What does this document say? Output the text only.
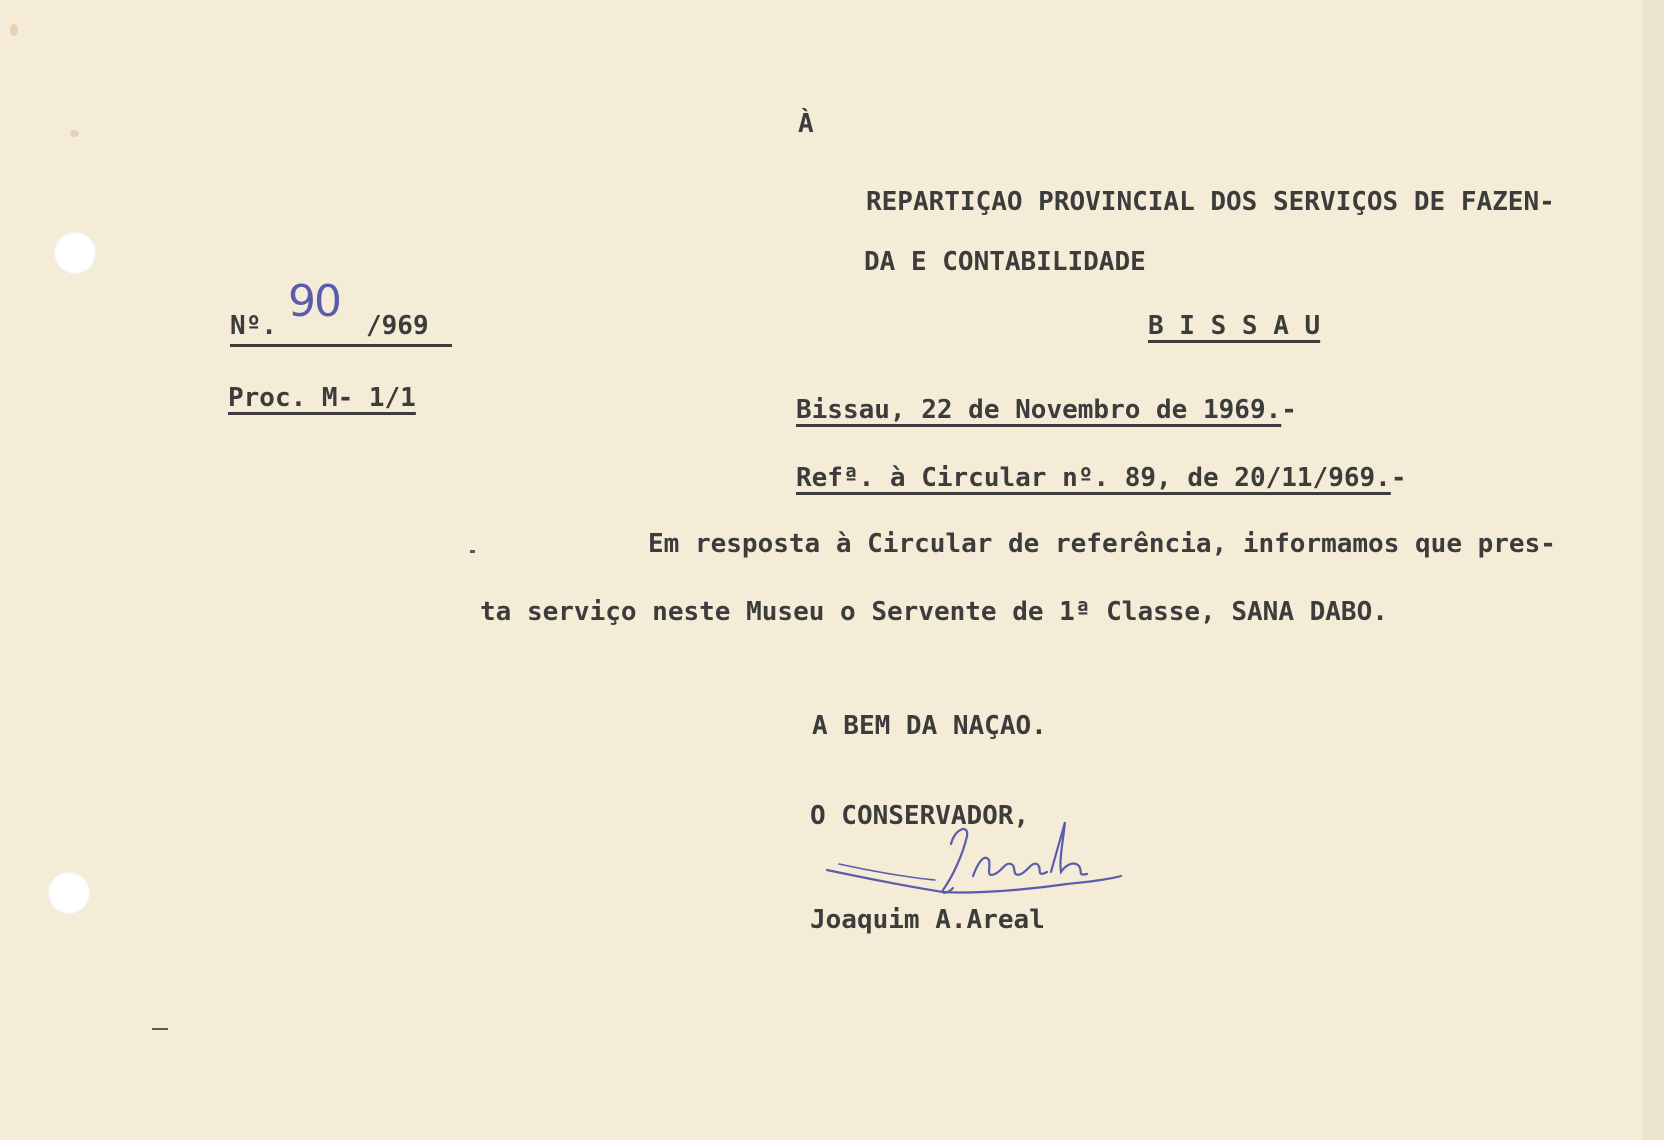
À

REPARTIÇAO PROVINCIAL DOS SERVIÇOS DE FAZEN-

DA E CONTABILIDADE

B I S S A U

Nº. 90 /969

Proc. M- 1/1	Bissau, 22 de Novembro de 1969.-

Refª. à Circular nº. 89, de 20/11/969.-

Em resposta à Circular de referência, informamos que pres-

ta serviço neste Museu o Servente de 1ª Classe, SANA DABO.

A BEM DA NAÇAO.

O CONSERVADOR,

Joaquim A.Areal
